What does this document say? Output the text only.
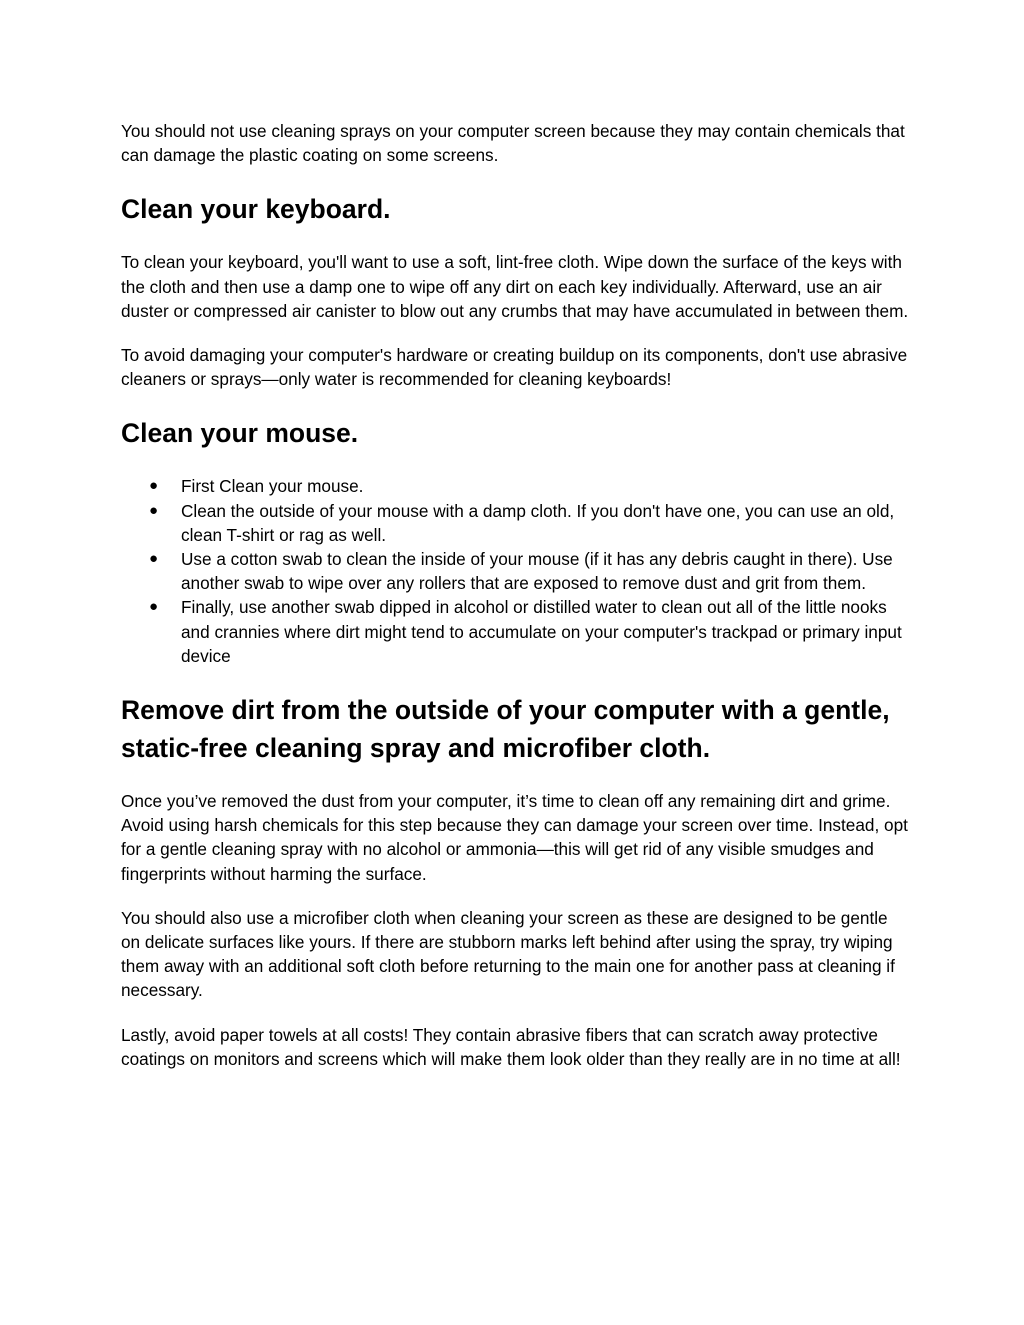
You should not use cleaning sprays on your computer screen because they may contain chemicals that can damage the plastic coating on some screens.

Clean your keyboard.

To clean your keyboard, you'll want to use a soft, lint-free cloth. Wipe down the surface of the keys with the cloth and then use a damp one to wipe off any dirt on each key individually. Afterward, use an air duster or compressed air canister to blow out any crumbs that may have accumulated in between them.

To avoid damaging your computer's hardware or creating buildup on its components, don't use abrasive cleaners or sprays—only water is recommended for cleaning keyboards!

Clean your mouse.
● First Clean your mouse.
● Clean the outside of your mouse with a damp cloth. If you don't have one, you can use an old, clean T-shirt or rag as well.
● Use a cotton swab to clean the inside of your mouse (if it has any debris caught in there). Use another swab to wipe over any rollers that are exposed to remove dust and grit from them.
● Finally, use another swab dipped in alcohol or distilled water to clean out all of the little nooks and crannies where dirt might tend to accumulate on your computer's trackpad or primary input device
Remove dirt from the outside of your computer with a gentle, static-free cleaning spray and microfiber cloth.

Once you’ve removed the dust from your computer, it’s time to clean off any remaining dirt and grime. Avoid using harsh chemicals for this step because they can damage your screen over time. Instead, opt for a gentle cleaning spray with no alcohol or ammonia—this will get rid of any visible smudges and fingerprints without harming the surface.

You should also use a microfiber cloth when cleaning your screen as these are designed to be gentle on delicate surfaces like yours. If there are stubborn marks left behind after using the spray, try wiping them away with an additional soft cloth before returning to the main one for another pass at cleaning if necessary.

Lastly, avoid paper towels at all costs! They contain abrasive fibers that can scratch away protective coatings on monitors and screens which will make them look older than they really are in no time at all!
